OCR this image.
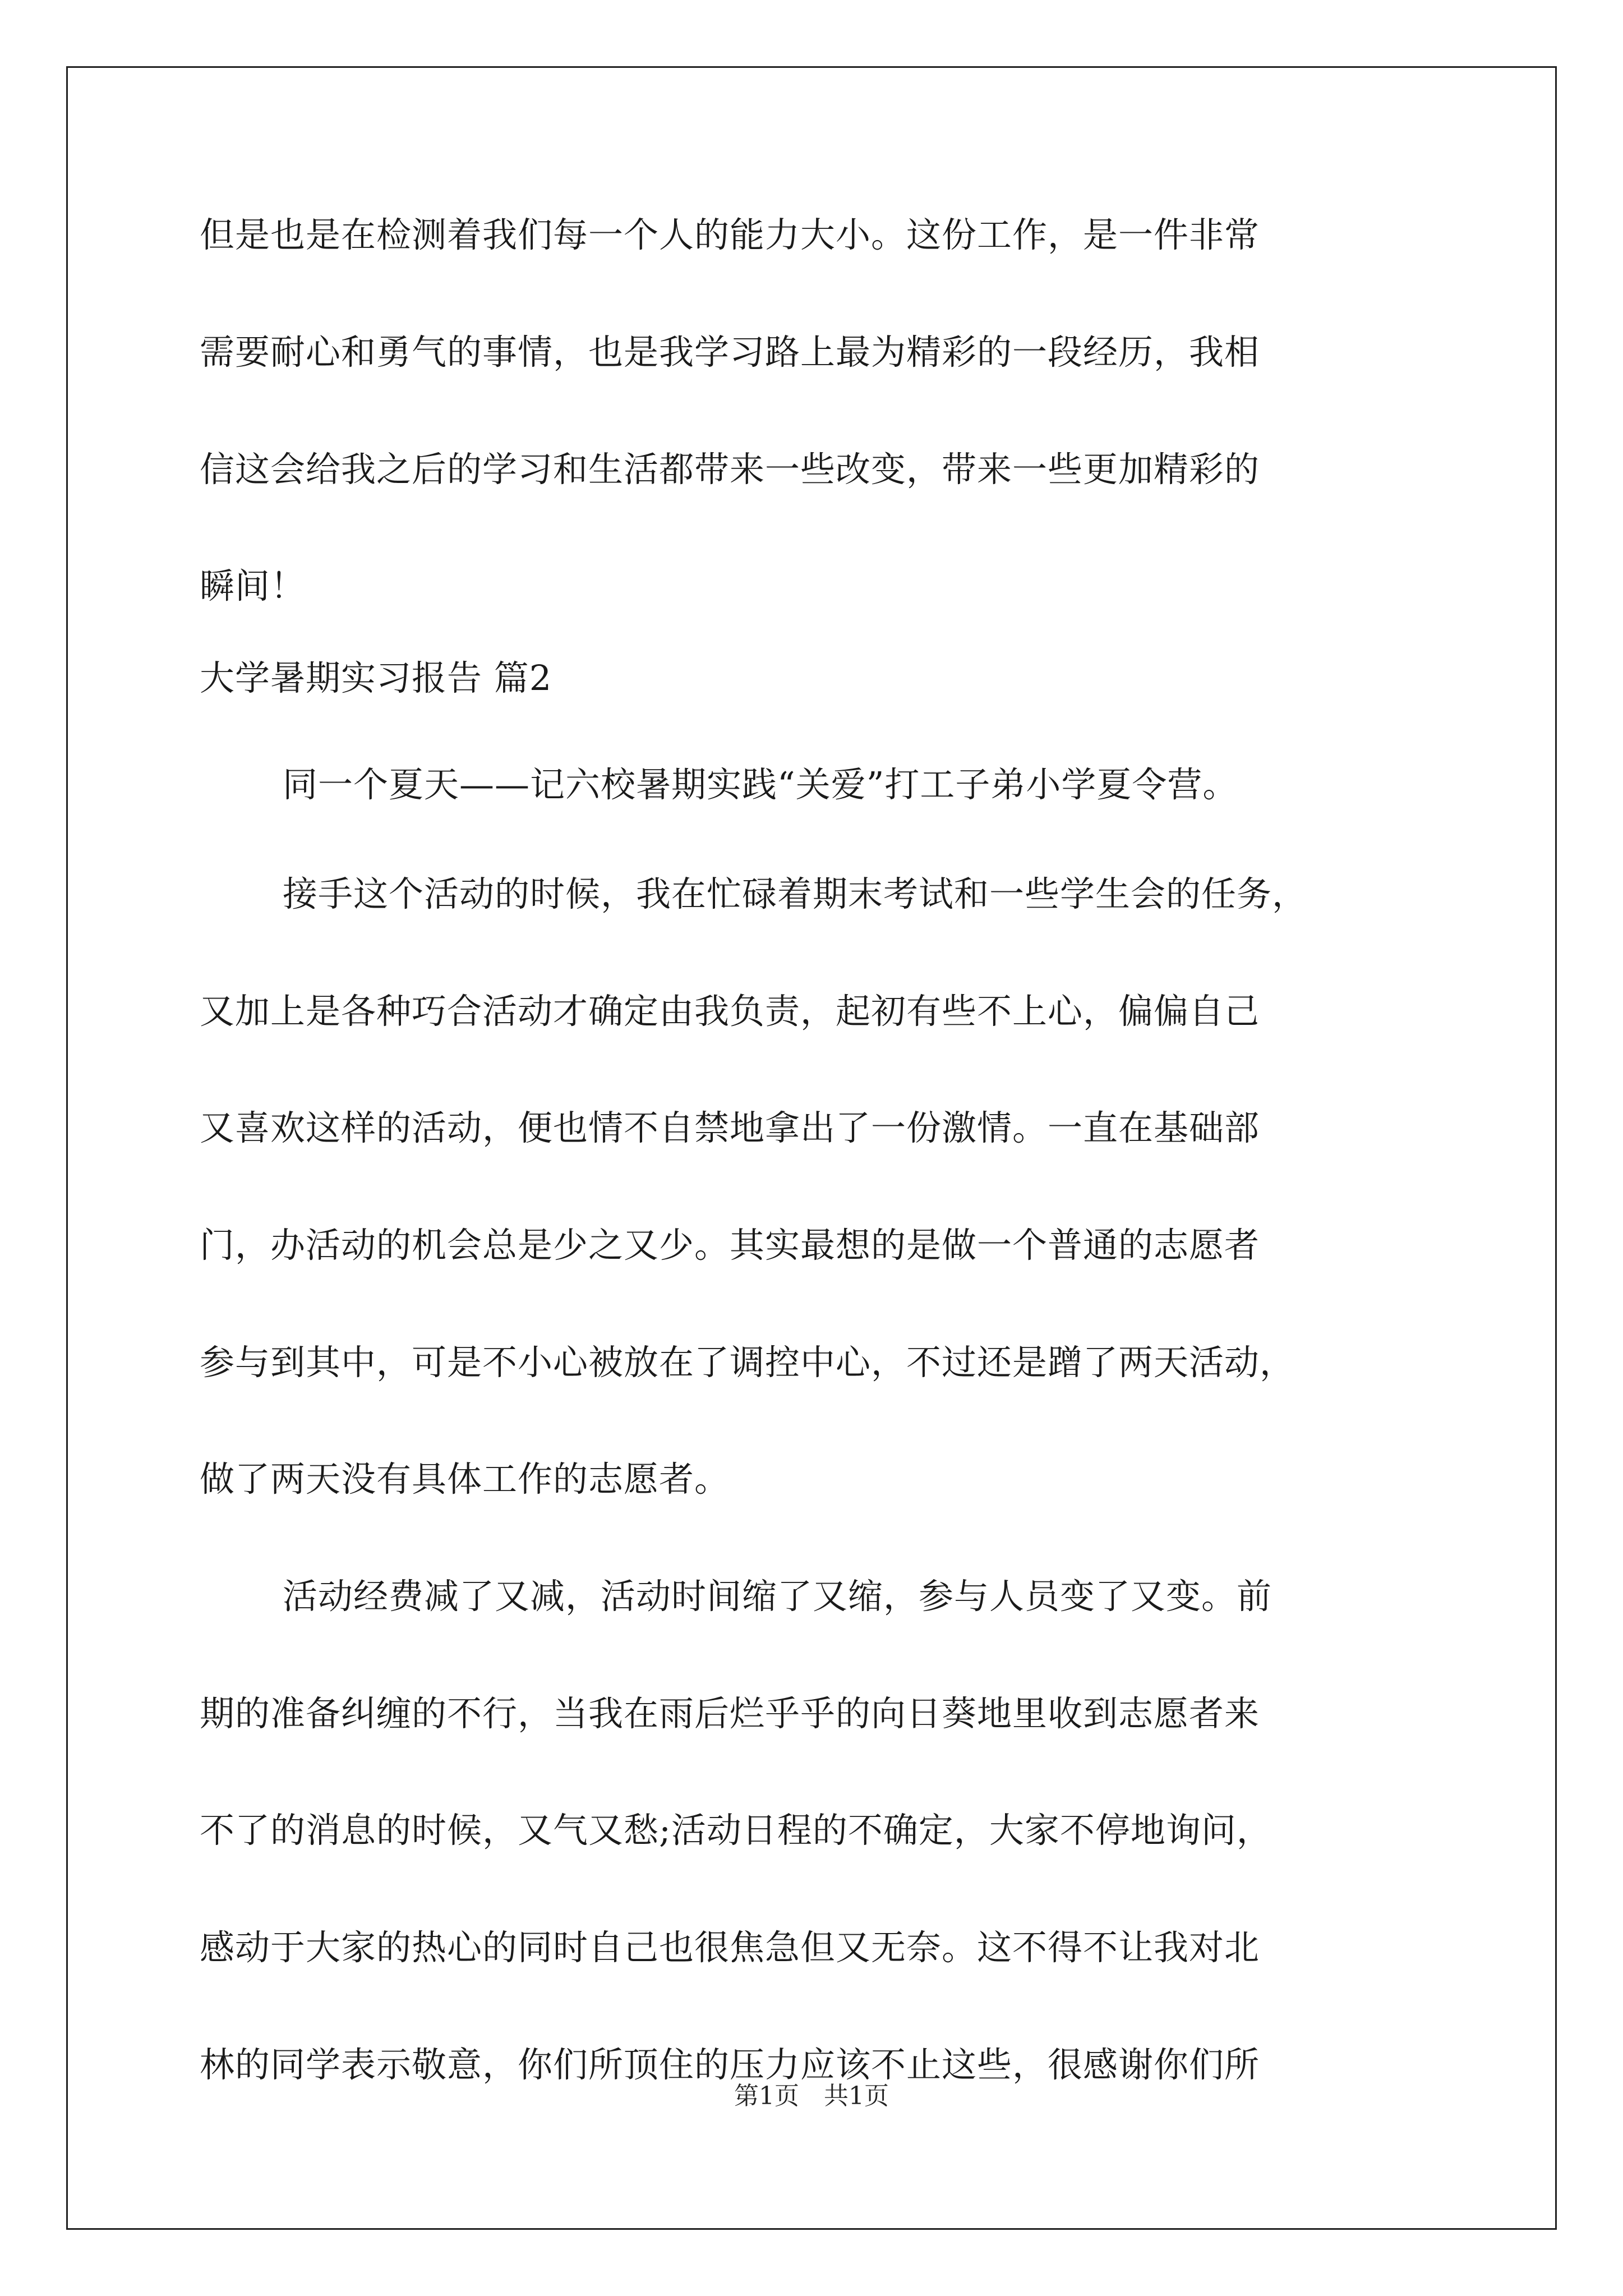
但是也是在检测着我们每一个人的能力大小。这份工作，是一件非常
需要耐心和勇气的事情，也是我学习路上最为精彩的一段经历，我相
信这会给我之后的学习和生活都带来一些改变，带来一些更加精彩的
瞬间！
大学暑期实习报告 篇2
同一个夏天——记六校暑期实践“关爱”打工子弟小学夏令营。
接手这个活动的时候，我在忙碌着期末考试和一些学生会的任务，
又加上是各种巧合活动才确定由我负责，起初有些不上心，偏偏自己
又喜欢这样的活动，便也情不自禁地拿出了一份激情。一直在基础部
门，办活动的机会总是少之又少。其实最想的是做一个普通的志愿者
参与到其中，可是不小心被放在了调控中心，不过还是蹭了两天活动，
做了两天没有具体工作的志愿者。
活动经费减了又减，活动时间缩了又缩，参与人员变了又变。前
期的准备纠缠的不行，当我在雨后烂乎乎的向日葵地里收到志愿者来
不了的消息的时候，又气又愁;活动日程的不确定，大家不停地询问，
感动于大家的热心的同时自己也很焦急但又无奈。这不得不让我对北
林的同学表示敬意，你们所顶住的压力应该不止这些，很感谢你们所
第1页 共1页
